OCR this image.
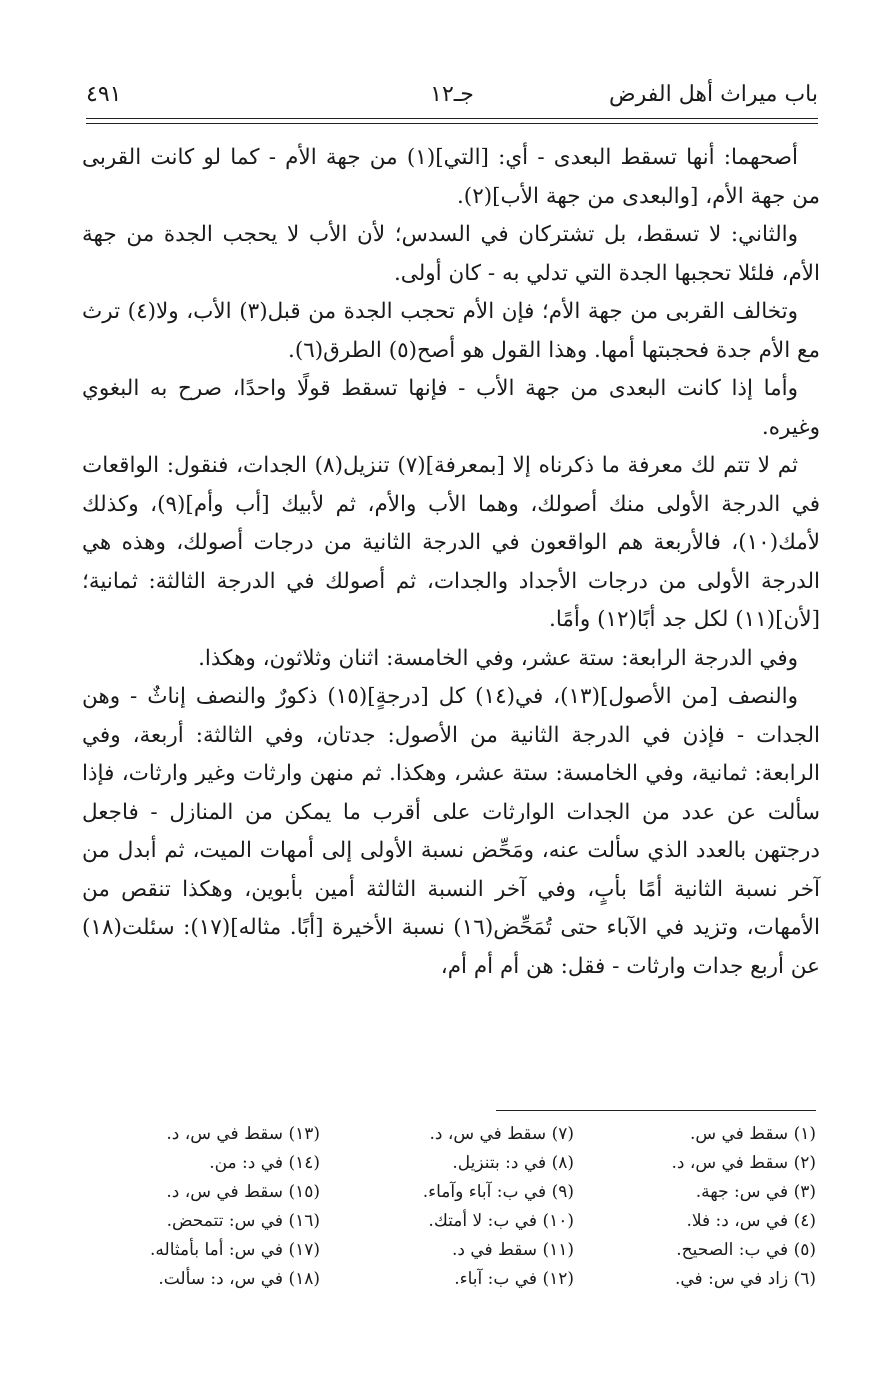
باب ميراث أهل الفرض
جـ١٢
٤٩١

أصحهما: أنها تسقط البعدى - أي: [التي](١) من جهة الأم - كما لو كانت القربى من جهة الأم، [والبعدى من جهة الأب](٢).

والثاني: لا تسقط، بل تشتركان في السدس؛ لأن الأب لا يحجب الجدة من جهة الأم، فلئلا تحجبها الجدة التي تدلي به - كان أولى.

وتخالف القربى من جهة الأم؛ فإن الأم تحجب الجدة من قبل(٣) الأب، ولا(٤) ترث مع الأم جدة فحجبتها أمها. وهذا القول هو أصح(٥) الطرق(٦).

وأما إذا كانت البعدى من جهة الأب - فإنها تسقط قولًا واحدًا، صرح به البغوي وغيره.

ثم لا تتم لك معرفة ما ذكرناه إلا [بمعرفة](٧) تنزيل(٨) الجدات، فنقول: الواقعات في الدرجة الأولى منك أصولك، وهما الأب والأم، ثم لأبيك [أب وأم](٩)، وكذلك لأمك(١٠)، فالأربعة هم الواقعون في الدرجة الثانية من درجات أصولك، وهذه هي الدرجة الأولى من درجات الأجداد والجدات، ثم أصولك في الدرجة الثالثة: ثمانية؛ [لأن](١١) لكل جد أبًا(١٢) وأمًا.

وفي الدرجة الرابعة: ستة عشر، وفي الخامسة: اثنان وثلاثون، وهكذا.

والنصف [من الأصول](١٣)، في(١٤) كل [درجةٍ](١٥) ذكورٌ والنصف إناثٌ - وهن الجدات - فإذن في الدرجة الثانية من الأصول: جدتان، وفي الثالثة: أربعة، وفي الرابعة: ثمانية، وفي الخامسة: ستة عشر، وهكذا. ثم منهن وارثات وغير وارثات، فإذا سألت عن عدد من الجدات الوارثات على أقرب ما يمكن من المنازل - فاجعل درجتهن بالعدد الذي سألت عنه، ومَحِّض نسبة الأولى إلى أمهات الميت، ثم أبدل من آخر نسبة الثانية أمًا بأبٍ، وفي آخر النسبة الثالثة أمين بأبوين، وهكذا تنقص من الأمهات، وتزيد في الآباء حتى تُمَحِّض(١٦) نسبة الأخيرة [أبًا. مثاله](١٧): سئلت(١٨) عن أربع جدات وارثات - فقل: هن أم أم أم،

(١) سقط في س.
(٢) سقط في س، د.
(٣) في س: جهة.
(٤) في س، د: فلا.
(٥) في ب: الصحيح.
(٦) زاد في س: في.
(٧) سقط في س، د.
(٨) في د: بتنزيل.
(٩) في ب: آباء وآماء.
(١٠) في ب: لا أمتك.
(١١) سقط في د.
(١٢) في ب: آباء.
(١٣) سقط في س، د.
(١٤) في د: من.
(١٥) سقط في س، د.
(١٦) في س: تتمحض.
(١٧) في س: أما بأمثاله.
(١٨) في س، د: سألت.
